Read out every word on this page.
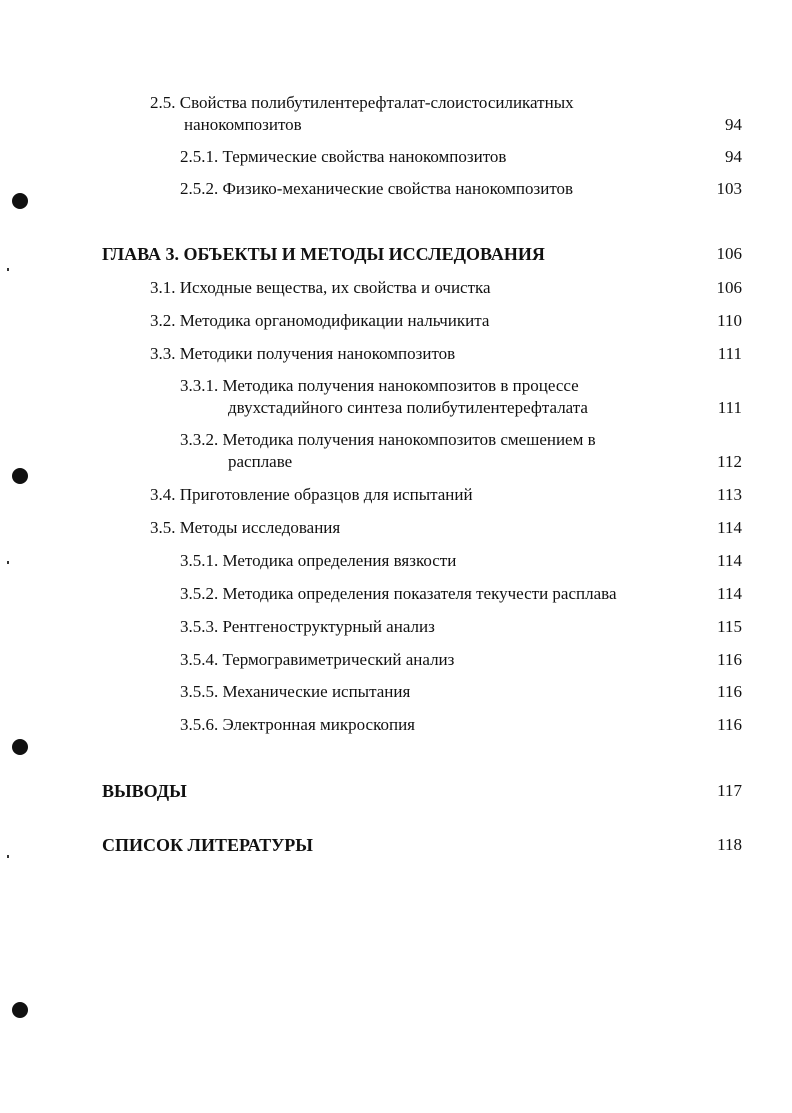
2.5. Свойства полибутилентерефталат-слоистосиликатных
нанокомпозитов	94
2.5.1. Термические свойства нанокомпозитов	94
2.5.2. Физико-механические свойства нанокомпозитов	103
ГЛАВА 3. ОБЪЕКТЫ И МЕТОДЫ ИССЛЕДОВАНИЯ	106
3.1. Исходные вещества, их свойства и очистка	106
3.2. Методика органомодификации нальчикита	110
3.3. Методики получения нанокомпозитов	111
3.3.1. Методика получения нанокомпозитов в процессе
двухстадийного синтеза полибутилентерефталата	111
3.3.2. Методика получения нанокомпозитов смешением в
расплаве	112
3.4. Приготовление образцов для испытаний	113
3.5. Методы исследования	114
3.5.1. Методика определения вязкости	114
3.5.2. Методика определения показателя текучести расплава	114
3.5.3. Рентгеноструктурный анализ	115
3.5.4. Термогравиметрический анализ	116
3.5.5. Механические испытания	116
3.5.6. Электронная микроскопия	116
ВЫВОДЫ	117
СПИСОК ЛИТЕРАТУРЫ	118
